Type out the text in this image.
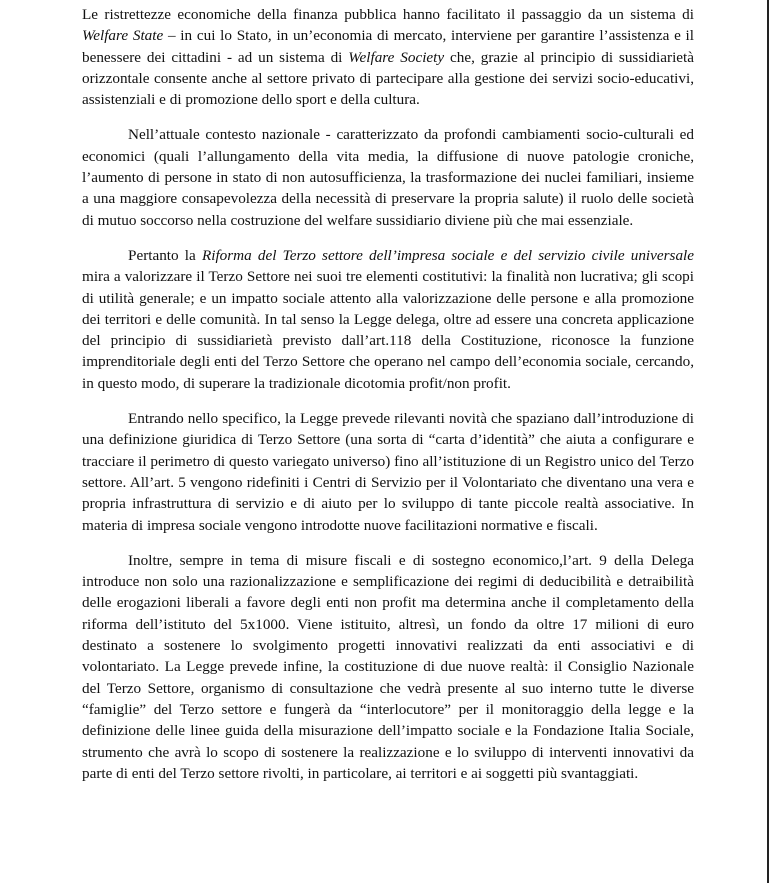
Le ristrettezze economiche della finanza pubblica hanno facilitato il passaggio da un sistema di Welfare State – in cui lo Stato, in un’economia di mercato, interviene per garantire l’assistenza e il benessere dei cittadini - ad un sistema di Welfare Society che, grazie al principio di sussidiarietà orizzontale consente anche al settore privato di partecipare alla gestione dei servizi socio-educativi, assistenziali e di promozione dello sport e della cultura.

Nell’attuale contesto nazionale - caratterizzato da profondi cambiamenti socio-culturali ed economici (quali l’allungamento della vita media, la diffusione di nuove patologie croniche, l’aumento di persone in stato di non autosufficienza, la trasformazione dei nuclei familiari, insieme a una maggiore consapevolezza della necessità di preservare la propria salute) il ruolo delle società di mutuo soccorso nella costruzione del welfare sussidiario diviene più che mai essenziale.

Pertanto la Riforma del Terzo settore dell’impresa sociale e del servizio civile universale mira a valorizzare il Terzo Settore nei suoi tre elementi costitutivi: la finalità non lucrativa; gli scopi di utilità generale; e un impatto sociale attento alla valorizzazione delle persone e alla promozione dei territori e delle comunità. In tal senso la Legge delega, oltre ad essere una concreta applicazione del principio di sussidiarietà previsto dall’art.118 della Costituzione, riconosce la funzione imprenditoriale degli enti del Terzo Settore che operano nel campo dell’economia sociale, cercando, in questo modo, di superare la tradizionale dicotomia profit/non profit.

Entrando nello specifico, la Legge prevede rilevanti novità che spaziano dall’introduzione di una definizione giuridica di Terzo Settore (una sorta di “carta d’identità” che aiuta a configurare e tracciare il perimetro di questo variegato universo) fino all’istituzione di un Registro unico del Terzo settore. All’art. 5 vengono ridefiniti i Centri di Servizio per il Volontariato che diventano una vera e propria infrastruttura di servizio e di aiuto per lo sviluppo di tante piccole realtà associative. In materia di impresa sociale vengono introdotte nuove facilitazioni normative e fiscali.

Inoltre, sempre in tema di misure fiscali e di sostegno economico,l’art. 9 della Delega introduce non solo una razionalizzazione e semplificazione dei regimi di deducibilità e detraibilità delle erogazioni liberali a favore degli enti non profit ma determina anche il completamento della riforma dell’istituto del 5x1000. Viene istituito, altresì, un fondo da oltre 17 milioni di euro destinato a sostenere lo svolgimento progetti innovativi realizzati da enti associativi e di volontariato. La Legge prevede infine, la costituzione di due nuove realtà: il Consiglio Nazionale del Terzo Settore, organismo di consultazione che vedrà presente al suo interno tutte le diverse “famiglie” del Terzo settore e fungerà da “interlocutore” per il monitoraggio della legge e la definizione delle linee guida della misurazione dell’impatto sociale e la Fondazione Italia Sociale, strumento che avrà lo scopo di sostenere la realizzazione e lo sviluppo di interventi innovativi da parte di enti del Terzo settore rivolti, in particolare, ai territori e ai soggetti più svantaggiati.
